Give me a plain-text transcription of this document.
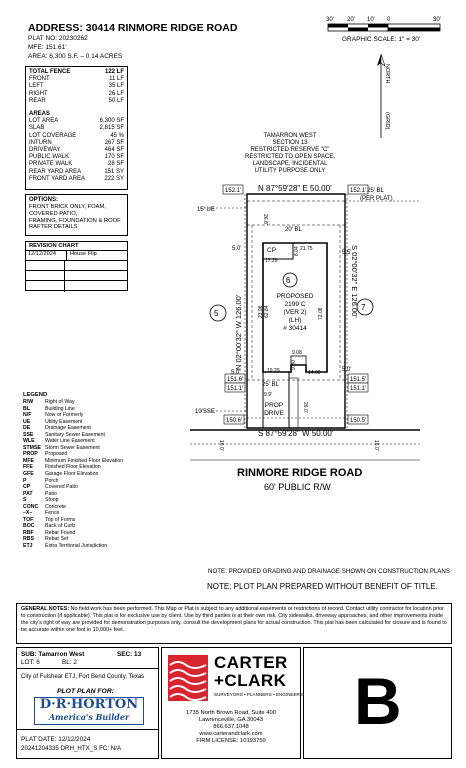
ADDRESS: 30414 RINMORE RIDGE ROAD
PLAT NO: 20230262
MFE: 151.61'
AREA: 6,300 S.F. – 0.14 ACRES
TOTAL FENCE	122 LF
FRONT	11 LF
LEFT	35 LF
RIGHT	26 LF
REAR	50 LF
AREAS
LOT AREA	6,300 SF
SLAB	2,815 SF
LOT COVERAGE	45 %
INTURN	267 SF
DRIVEWAY	464 SF
PUBLIC WALK	170 SF
PRIVATE WALK	28 SF
REAR YARD AREA	151 SY
FRONT YARD AREA	222 SY
OPTIONS:
FRONT BRICK ONLY, FOAM,
COVERED PATIO,
FRAMING, FOUNDATION & ROOF
RAFTER DETAILS
REVISION CHART
12/12/2024	House Flip
LEGEND
R/W	Right of Way
BL	Building Line
N/F	Now or Formerly
UE	Utility Easement
DE	Drainage Easement
SSE	Sanitary Sewer Easement
WLE	Water Line Easement
STMSE Storm Sewer Easement
PROP	Proposed
MFE	Minimum Finished Floor Elevation
FFE	Finished Floor Elevation
GFE	Garage Floor Elevation
P	Porch
CP	Covered Patio
PAT	Patio
S	Stoop
CONC	Concrete
–X–	Fence
TOF	Top of Forms
BOC	Back of Curb
RBF	Rebar Found
RBS	Rebar Set
ETJ	Extra Territorial Jurisdiction
30' 20' 10' 0	30'
GRAPHIC SCALE: 1" = 30'
NORTH
(GRID)
TAMARRON WEST
SECTION 13
RESTRICTED RESERVE "C"
RESTRICTED TO OPEN SPACE,
LANDSCAPE, INCIDENTAL
UTILITY PURPOSE ONLY
152.1'	152.1'
151.6'
151.1'
151.5'
151.1'
150.6'	150.5'
N 87°59'28" E 50.00'
S 87°59'28" W 50.00'
N 02°00'32" W 126.00'
S 02°00'32" E 126.00'
25' BL
(PER PLAT)
15' UE
20' BL
25' BL
10'SSE
5.0'
5.5'
5.0'
5.0'
CP
17.29
21.75
19.29	14.08
9.08
9.9'
8.04
26.8'
23.96 62.84	72.08
9.00
26.0'
16.0'	16.0'
6
5
7
PROPOSED
2199 C
(VER 2)
(LH)
# 30414
PROP
DRIVE
RINMORE RIDGE ROAD
60' PUBLIC R/W
NOTE: PROVIDED GRADING AND DRAINAGE SHOWN ON CONSTRUCTION PLANS
NOTE: PLOT PLAN PREPARED WITHOUT BENEFIT OF TITLE.
GENERAL NOTES: No field work has been performed. This Map or Plat is subject to any additional easements or restrictions of record. Contact utility contractor for location prior to construction (if applicable). This plat is for exclusive use by client. Use by third parties is at their own risk. City sidewalks, driveway approaches, and other improvements inside the city's right of way are provided for demonstration purposes only. consult the development plans for actual construction. This plat has been calculated for closure and is found to be accurate within one foot in 10,000+ feet.
SUB: Tamarron West	SEC: 13
LOT: 6	BL: 2
City of Fulshear ETJ, Fort Bend County, Texas
PLOT PLAN FOR:
D·R·HORTON
America's Builder
PLAT DATE: 12/12/2024
20241204335 DRH_HTX_S FC: N/A
CARTER
+CLARK
SURVEYORS • PLANNERS • ENGINEERS
1735 North Brown Road, Suite 400
Lawrenceville, GA 30043
866.637.1048
www.carterandclark.com
FIRM LICENSE: 10193759
B
